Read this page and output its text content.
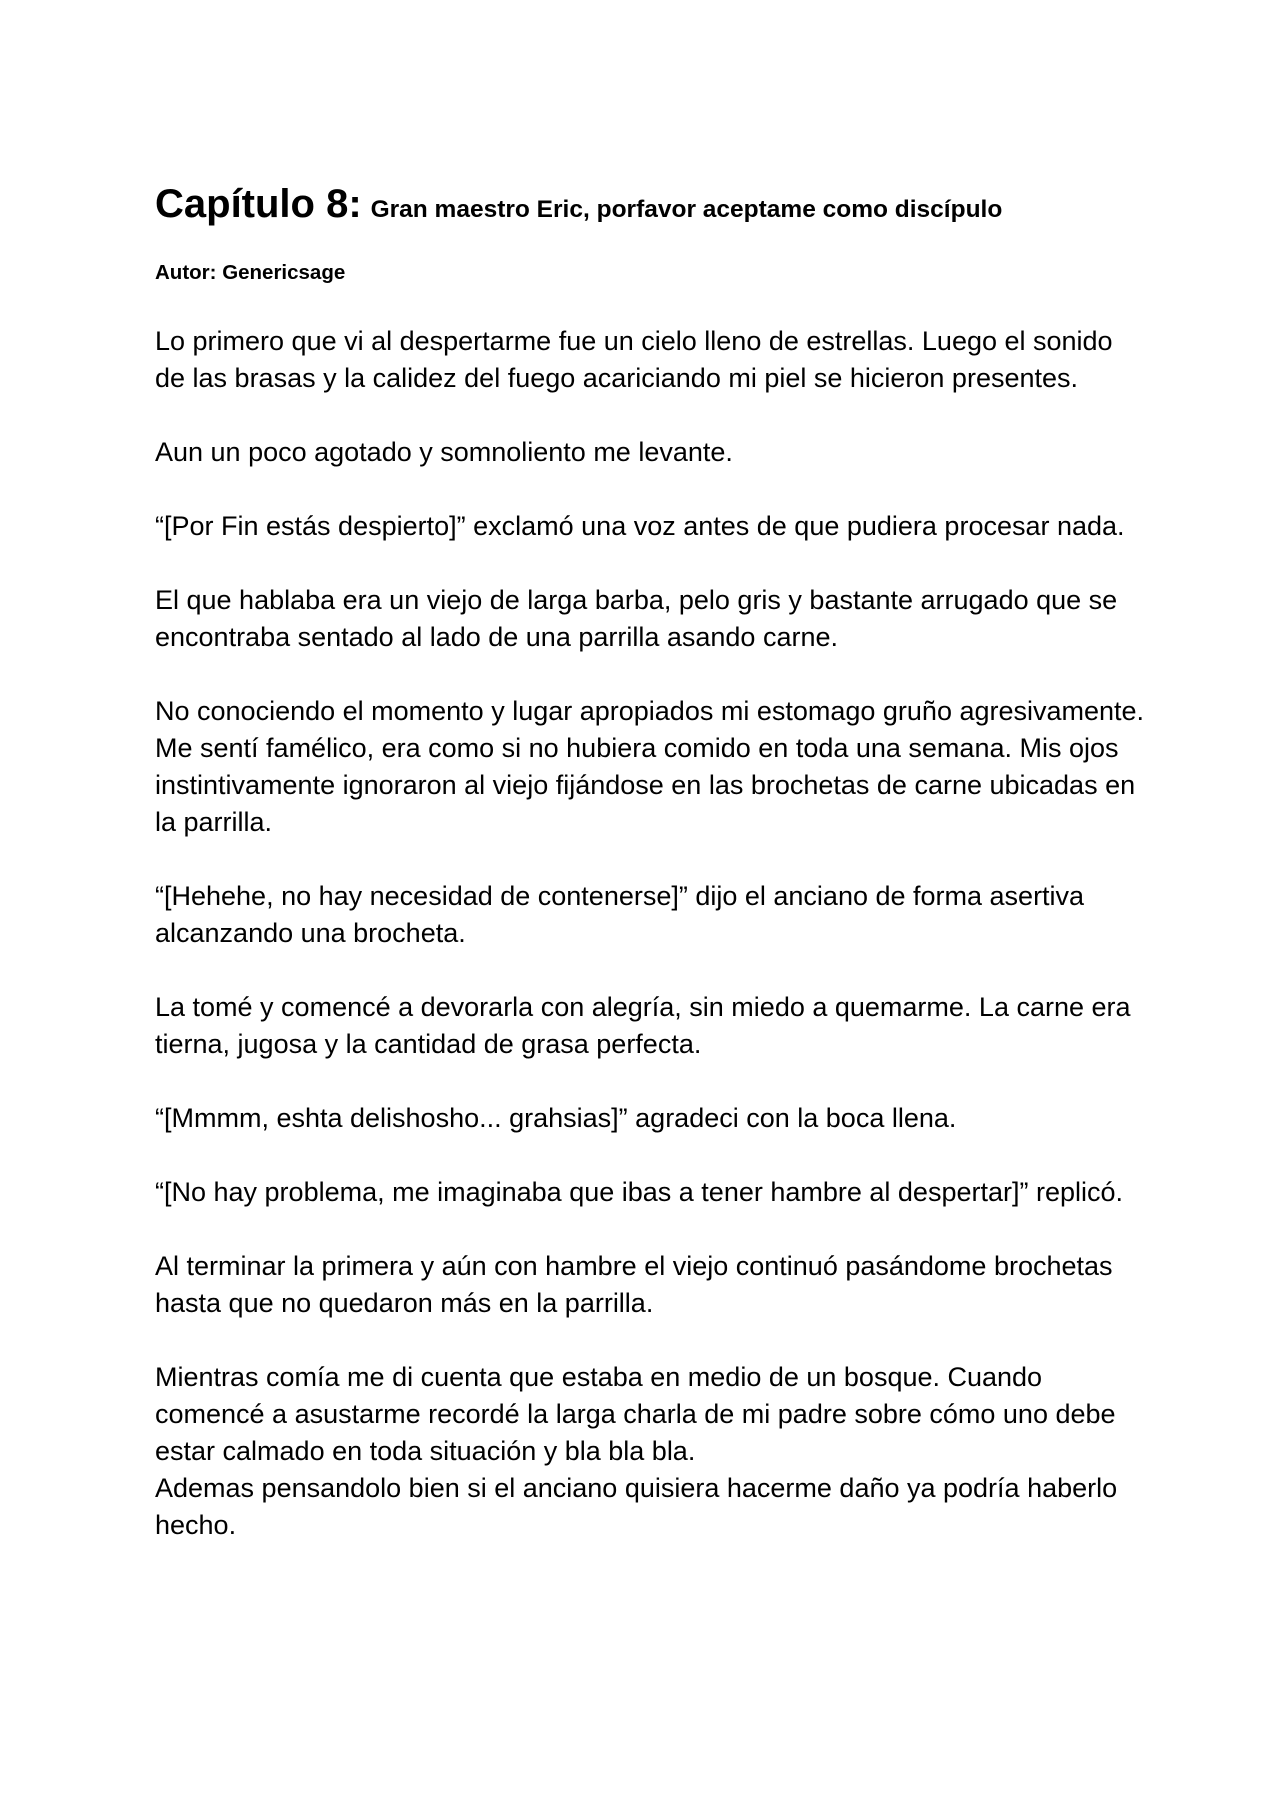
Capítulo 8: Gran maestro Eric, porfavor aceptame como discípulo

Autor: Genericsage

Lo primero que vi al despertarme fue un cielo lleno de estrellas. Luego el sonido de las brasas y la calidez del fuego acariciando mi piel se hicieron presentes.

Aun un poco agotado y somnoliento me levante.

“[Por Fin estás despierto]” exclamó una voz antes de que pudiera procesar nada.

El que hablaba era un viejo de larga barba, pelo gris y bastante arrugado que se encontraba sentado al lado de una parrilla asando carne.

No conociendo el momento y lugar apropiados mi estomago gruño agresivamente. Me sentí famélico, era como si no hubiera comido en toda una semana. Mis ojos instintivamente ignoraron al viejo fijándose en las brochetas de carne ubicadas en la parrilla.

“[Hehehe, no hay necesidad de contenerse]” dijo el anciano de forma asertiva alcanzando una brocheta.

La tomé y comencé a devorarla con alegría, sin miedo a quemarme. La carne era tierna, jugosa y la cantidad de grasa perfecta.

“[Mmmm, eshta delishosho... grahsias]” agradeci con la boca llena.

“[No hay problema, me imaginaba que ibas a tener hambre al despertar]” replicó.

Al terminar la primera y aún con hambre el viejo continuó pasándome brochetas hasta que no quedaron más en la parrilla.

Mientras comía me di cuenta que estaba en medio de un bosque. Cuando comencé a asustarme recordé la larga charla de mi padre sobre cómo uno debe estar calmado en toda situación y bla bla bla.

Ademas pensandolo bien si el anciano quisiera hacerme daño ya podría haberlo hecho.
